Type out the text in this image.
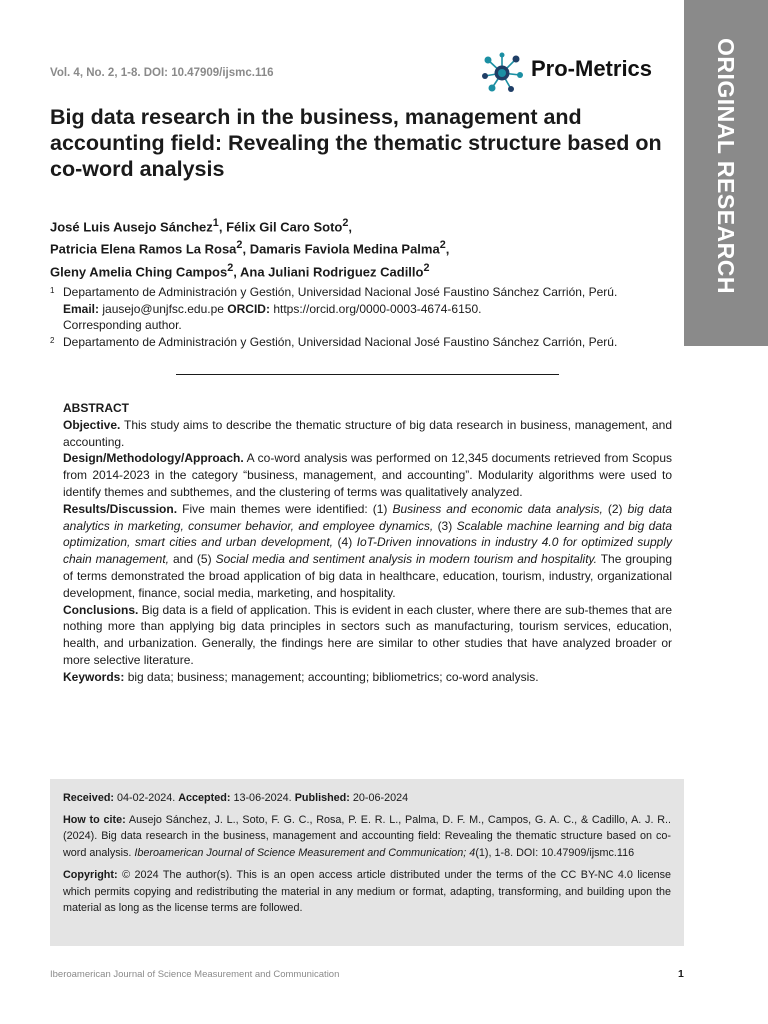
ORIGINAL RESEARCH
Vol. 4, No. 2, 1-8. DOI: 10.47909/ijsmc.116	Pro-Metrics
Big data research in the business, management and accounting field: Revealing the thematic structure based on co-word analysis
José Luis Ausejo Sánchez$^1$, Félix Gil Caro Soto$^2$,
Patricia Elena Ramos La Rosa$^2$, Damaris Faviola Medina Palma$^2$,
Gleny Amelia Ching Campos$^2$, Ana Juliani Rodriguez Cadillo$^2$
1 Departamento de Administración y Gestión, Universidad Nacional José Faustino Sánchez Carrión, Perú.
Email: jausejo@unjfsc.edu.pe ORCID: https://orcid.org/0000-0003-4674-6150.
Corresponding author.
2 Departamento de Administración y Gestión, Universidad Nacional José Faustino Sánchez Carrión, Perú.

ABSTRACT

Objective. This study aims to describe the thematic structure of big data research in business, management, and accounting.

Design/Methodology/Approach. A co-word analysis was performed on 12,345 documents retrieved from Scopus from 2014-2023 in the category “business, management, and accounting”. Modularity algorithms were used to identify themes and subthemes, and the clustering of terms was qualitatively analyzed.

Results/Discussion. Five main themes were identified: (1) Business and economic data analysis, (2) big data analytics in marketing, consumer behavior, and employee dynamics, (3) Scalable machine learning and big data optimization, smart cities and urban development, (4) IoT-Driven innovations in industry 4.0 for optimized supply chain management, and (5) Social media and sentiment analysis in modern tourism and hospitality. The grouping of terms demonstrated the broad application of big data in healthcare, education, tourism, industry, organizational development, finance, social media, marketing, and hospitality.

Conclusions. Big data is a field of application. This is evident in each cluster, where there are sub-themes that are nothing more than applying big data principles in sectors such as manufacturing, tourism services, education, health, and urbanization. Generally, the findings here are similar to other studies that have analyzed broader or more selective literature.

Keywords: big data; business; management; accounting; bibliometrics; co-word analysis.

Received: 04-02-2024. Accepted: 13-06-2024. Published: 20-06-2024

How to cite: Ausejo Sánchez, J. L., Soto, F. G. C., Rosa, P. E. R. L., Palma, D. F. M., Campos, G. A. C., & Cadillo, A. J. R.. (2024). Big data research in the business, management and accounting field: Revealing the thematic structure based on co-word analysis. Iberoamerican Journal of Science Measurement and Communication; 4(1), 1-8. DOI: 10.47909/ijsmc.116

Copyright: © 2024 The author(s). This is an open access article distributed under the terms of the CC BY-NC 4.0 license which permits copying and redistributing the material in any medium or format, adapting, transforming, and building upon the material as long as the license terms are followed.

Iberoamerican Journal of Science Measurement and Communication	1
